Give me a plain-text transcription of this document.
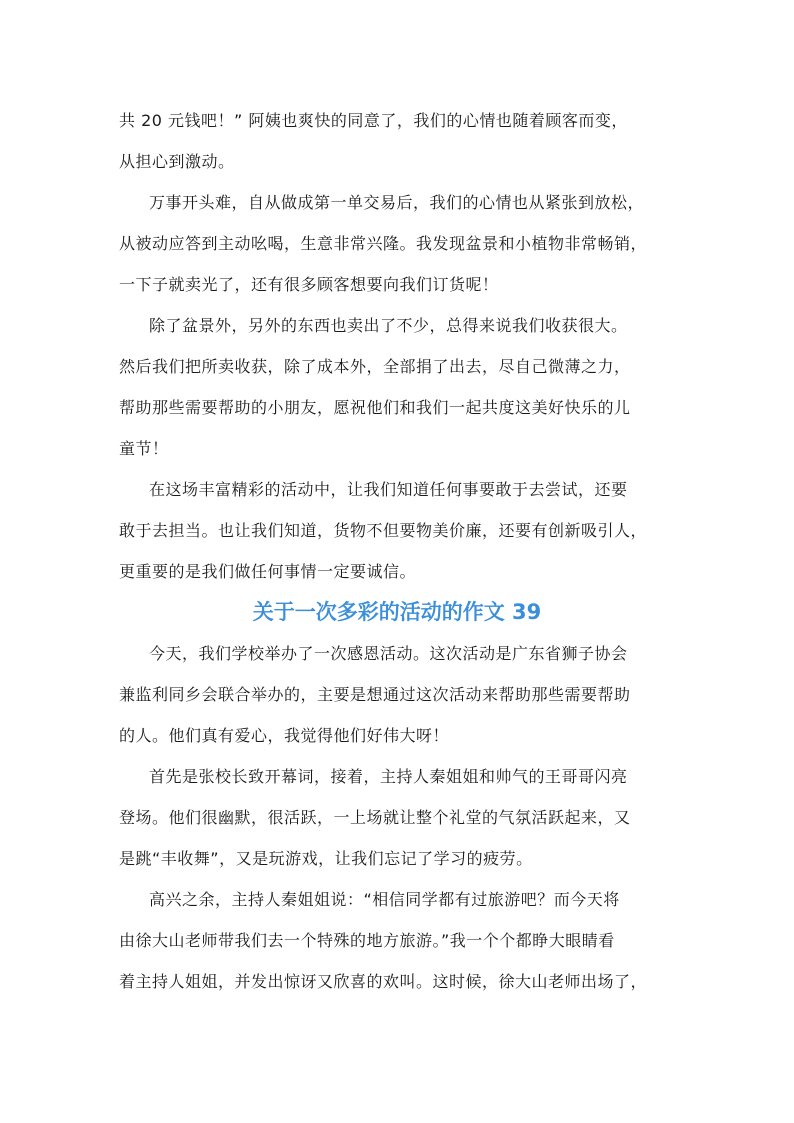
共 20 元钱吧！” 阿姨也爽快的同意了，我们的心情也随着顾客而变，
从担心到激动。

万事开头难，自从做成第一单交易后，我们的心情也从紧张到放松，
从被动应答到主动吆喝，生意非常兴隆。我发现盆景和小植物非常畅销，
一下子就卖光了，还有很多顾客想要向我们订货呢！

除了盆景外，另外的东西也卖出了不少，总得来说我们收获很大。
然后我们把所卖收获，除了成本外，全部捐了出去，尽自己微薄之力，
帮助那些需要帮助的小朋友，愿祝他们和我们一起共度这美好快乐的儿
童节！

在这场丰富精彩的活动中，让我们知道任何事要敢于去尝试，还要
敢于去担当。也让我们知道，货物不但要物美价廉，还要有创新吸引人，
更重要的是我们做任何事情一定要诚信。

关于一次多彩的活动的作文 39

今天，我们学校举办了一次感恩活动。这次活动是广东省狮子协会
兼监利同乡会联合举办的，主要是想通过这次活动来帮助那些需要帮助
的人。他们真有爱心，我觉得他们好伟大呀！

首先是张校长致开幕词，接着，主持人秦姐姐和帅气的王哥哥闪亮
登场。他们很幽默，很活跃，一上场就让整个礼堂的气氛活跃起来，又
是跳“丰收舞”，又是玩游戏，让我们忘记了学习的疲劳。

高兴之余，主持人秦姐姐说：“相信同学都有过旅游吧？而今天将
由徐大山老师带我们去一个特殊的地方旅游。”我一个个都睁大眼睛看
着主持人姐姐，并发出惊讶又欣喜的欢叫。这时候，徐大山老师出场了，
